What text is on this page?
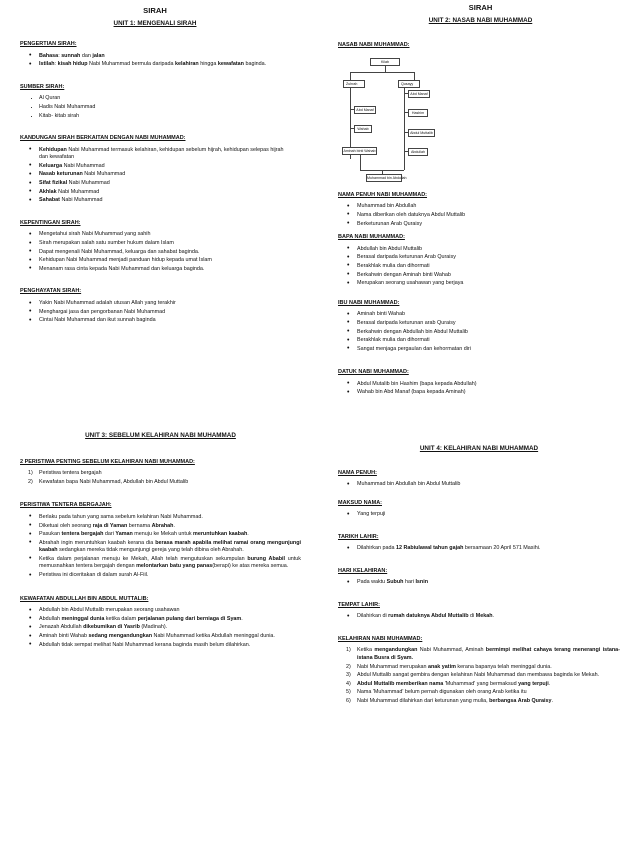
SIRAH
UNIT 1: MENGENALI SIRAH
PENGERTIAN SIRAH:
• Bahasa: sunnah dan jalan
• Istilah: kisah hidup Nabi Muhammad bermula daripada kelahiran hingga kewafatan baginda.
SUMBER SIRAH:
· Al Quran
· Hadis Nabi Muhammad
· Kitab- kitab sirah
KANDUNGAN SIRAH BERKAITAN DENGAN NABI MUHAMMAD:
• Kehidupan Nabi Muhammad termasuk kelahiran, kehidupan sebelum hijrah, kehidupan selepas hijrah dan kewafatan
• Keluarga Nabi Muhammad
• Nasab keturunan Nabi Muhammad
• Sifat fizikal Nabi Muhammad
• Akhlak Nabi Muhammad
• Sahabat Nabi Muhammad
KEPENTINGAN SIRAH:
• Mengetahui sirah Nabi Muhammad yang sahih
• Sirah merupakan salah satu sumber hukum dalam Islam
• Dapat mengenali Nabi Muhammad, keluarga dan sahabat baginda.
• Kehidupan Nabi Muhammad menjadi panduan hidup kepada umat Islam
• Menanam rasa cinta kepada Nabi Muhammad dan keluarga baginda.
PENGHAYATAN SIRAH:
• Yakin Nabi Muhammad adalah utusan Allah yang terakhir
• Menghargai jasa dan pengorbanan Nabi Muhammad
• Cintai Nabi Muhammad dan ikut sunnah baginda
SIRAH
UNIT 2: NASAB NABI MUHAMMAD
NASAB NABI MUHAMMAD:
Kilab
Zuhrah	Qusayy
Abd Manaf
Abd Manaf
Hashim
Wahab
Abdul Muttalib
Aminah binti Wahab	Abdullah
Muhammad bin Abdullah
NAMA PENUH NABI MUHAMMAD:
• Muhammad bin Abdullah
• Nama diberikan oleh datuknya Abdul Muttalib
• Berketurunan Arab Quraisy
BAPA NABI MUHAMMAD:
• Abdullah bin Abdul Muttalib
• Berasal daripada keturunan Arab Quraisy
• Berakhlak mulia dan dihormati
• Berkahwin dengan Aminah binti Wahab
• Merupakan seorang usahawan yang berjaya
IBU NABI MUHAMMAD:
• Aminah binti Wahab
• Berasal daripada keturunan arab Quraisy
• Berkahwin dengan Abdullah bin Abdul Muttalib
• Berakhlak mulia dan dihormati
• Sangat menjaga pergaulan dan kehormatan diri
DATUK NABI MUHAMMAD:
• Abdul Mutalib bin Hashim (bapa kepada Abdullah)
• Wahab bin Abd Manaf (bapa kepada Aminah)
UNIT 3: SEBELUM KELAHIRAN NABI MUHAMMAD
2 PERISTIWA PENTING SEBELUM KELAHIRAN NABI MUHAMMAD:
1) Peristiwa tentera bergajah
2) Kewafatan bapa Nabi Muhammad, Abdullah bin Abdul Muttalib
PERISTIWA TENTERA BERGAJAH:
• Berlaku pada tahun yang sama sebelum kelahiran Nabi Muhammad.
• Diketuai oleh seorang raja di Yaman bernama Abrahah.
• Pasukan tentera bergajah dari Yaman menuju ke Mekah untuk meruntuhkan kaabah.
• Abrahah ingin meruntuhkan kaabah kerana dia berasa marah apabila melihat ramai orang mengunjungi kaabah sedangkan mereka tidak mengunjungi gereja yang telah dibina oleh Abrahah.
• Ketika dalam perjalanan menuju ke Mekah, Allah telah mengutuskan sekumpulan burung Ababil untuk memusnahkan tentera bergajah dengan melontarkan batu yang panas(berapi) ke atas mereka semua.
• Peristiwa ini diceritakan di dalam surah Al-Fiil.
KEWAFATAN ABDULLAH BIN ABDUL MUTTALIB:
• Abdullah bin Abdul Muttalib merupakan seorang usahawan
• Abdullah meninggal dunia ketika dalam perjalanan pulang dari berniaga di Syam.
• Jenazah Abdullah dikebumikan di Yasrib (Madinah).
• Aminah binti Wahab sedang mengandungkan Nabi Muhammad ketika Abdullah meninggal dunia.
• Abdullah tidak sempat melihat Nabi Muhammad kerana baginda masih belum dilahirkan.
UNIT 4: KELAHIRAN NABI MUHAMMAD
NAMA PENUH:
• Muhammad bin Abdullah bin Abdul Muttalib
MAKSUD NAMA:
• Yang terpuji
TARIKH LAHIR:
• Dilahirkan pada 12 Rabiulawal tahun gajah bersamaan 20 April 571 Masihi.
HARI KELAHIRAN:
• Pada waktu Subuh hari Isnin
TEMPAT LAHIR:
• Dilahirkan di rumah datuknya Abdul Muttalib di Mekah.
KELAHIRAN NABI MUHAMMAD:
1) Ketika mengandungkan Nabi Muhammad, Aminah bermimpi melihat cahaya terang menerangi istana-istana Busra di Syam.
2) Nabi Muhammad merupakan anak yatim kerana bapanya telah meninggal dunia.
3) Abdul Muttalib sangat gembira dengan kelahiran Nabi Muhammad dan membawa baginda ke Mekah.
4) Abdul Muttalib memberikan nama 'Muhammad' yang bermaksud yang terpuji.
5) Nama 'Muhammad' belum pernah digunakan oleh orang Arab ketika itu
6) Nabi Muhammad dilahirkan dari keturunan yang mulia, berbangsa Arab Quraisy.
